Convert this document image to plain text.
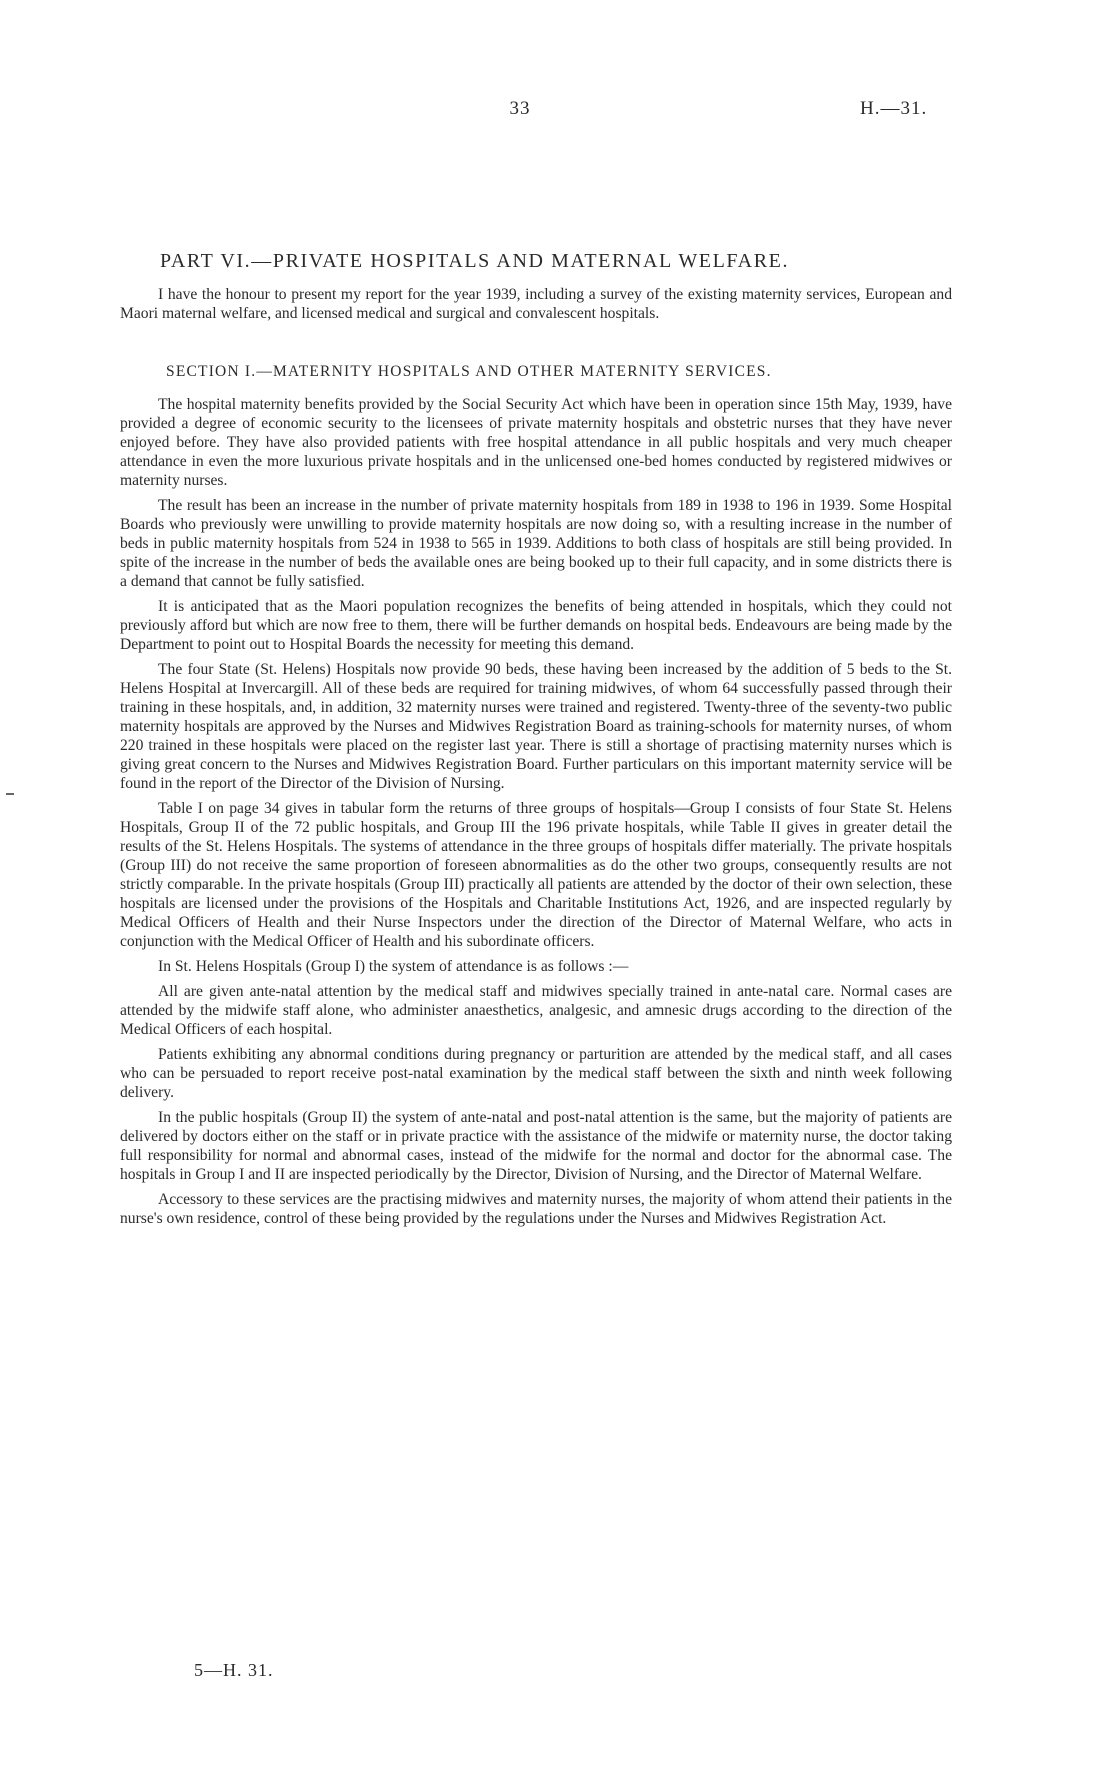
33	H.—31.
PART VI.—PRIVATE HOSPITALS AND MATERNAL WELFARE.

I have the honour to present my report for the year 1939, including a survey of the existing maternity services, European and Maori maternal welfare, and licensed medical and surgical and convalescent hospitals.

SECTION I.—MATERNITY HOSPITALS AND OTHER MATERNITY SERVICES.

The hospital maternity benefits provided by the Social Security Act which have been in operation since 15th May, 1939, have provided a degree of economic security to the licensees of private maternity hospitals and obstetric nurses that they have never enjoyed before. They have also provided patients with free hospital attendance in all public hospitals and very much cheaper attendance in even the more luxurious private hospitals and in the unlicensed one-bed homes conducted by registered midwives or maternity nurses.

The result has been an increase in the number of private maternity hospitals from 189 in 1938 to 196 in 1939. Some Hospital Boards who previously were unwilling to provide maternity hospitals are now doing so, with a resulting increase in the number of beds in public maternity hospitals from 524 in 1938 to 565 in 1939. Additions to both class of hospitals are still being provided. In spite of the increase in the number of beds the available ones are being booked up to their full capacity, and in some districts there is a demand that cannot be fully satisfied.

It is anticipated that as the Maori population recognizes the benefits of being attended in hospitals, which they could not previously afford but which are now free to them, there will be further demands on hospital beds. Endeavours are being made by the Department to point out to Hospital Boards the necessity for meeting this demand.

The four State (St. Helens) Hospitals now provide 90 beds, these having been increased by the addition of 5 beds to the St. Helens Hospital at Invercargill. All of these beds are required for training midwives, of whom 64 successfully passed through their training in these hospitals, and, in addition, 32 maternity nurses were trained and registered. Twenty-three of the seventy-two public maternity hospitals are approved by the Nurses and Midwives Registration Board as training-schools for maternity nurses, of whom 220 trained in these hospitals were placed on the register last year. There is still a shortage of practising maternity nurses which is giving great concern to the Nurses and Midwives Registration Board. Further particulars on this important maternity service will be found in the report of the Director of the Division of Nursing.

Table I on page 34 gives in tabular form the returns of three groups of hospitals—Group I consists of four State St. Helens Hospitals, Group II of the 72 public hospitals, and Group III the 196 private hospitals, while Table II gives in greater detail the results of the St. Helens Hospitals. The systems of attendance in the three groups of hospitals differ materially. The private hospitals (Group III) do not receive the same proportion of foreseen abnormalities as do the other two groups, consequently results are not strictly comparable. In the private hospitals (Group III) practically all patients are attended by the doctor of their own selection, these hospitals are licensed under the provisions of the Hospitals and Charitable Institutions Act, 1926, and are inspected regularly by Medical Officers of Health and their Nurse Inspectors under the direction of the Director of Maternal Welfare, who acts in conjunction with the Medical Officer of Health and his subordinate officers.

In St. Helens Hospitals (Group I) the system of attendance is as follows :—

All are given ante-natal attention by the medical staff and midwives specially trained in ante-natal care. Normal cases are attended by the midwife staff alone, who administer anaesthetics, analgesic, and amnesic drugs according to the direction of the Medical Officers of each hospital.

Patients exhibiting any abnormal conditions during pregnancy or parturition are attended by the medical staff, and all cases who can be persuaded to report receive post-natal examination by the medical staff between the sixth and ninth week following delivery.

In the public hospitals (Group II) the system of ante-natal and post-natal attention is the same, but the majority of patients are delivered by doctors either on the staff or in private practice with the assistance of the midwife or maternity nurse, the doctor taking full responsibility for normal and abnormal cases, instead of the midwife for the normal and doctor for the abnormal case. The hospitals in Group I and II are inspected periodically by the Director, Division of Nursing, and the Director of Maternal Welfare.

Accessory to these services are the practising midwives and maternity nurses, the majority of whom attend their patients in the nurse's own residence, control of these being provided by the regulations under the Nurses and Midwives Registration Act.

5—H. 31.
